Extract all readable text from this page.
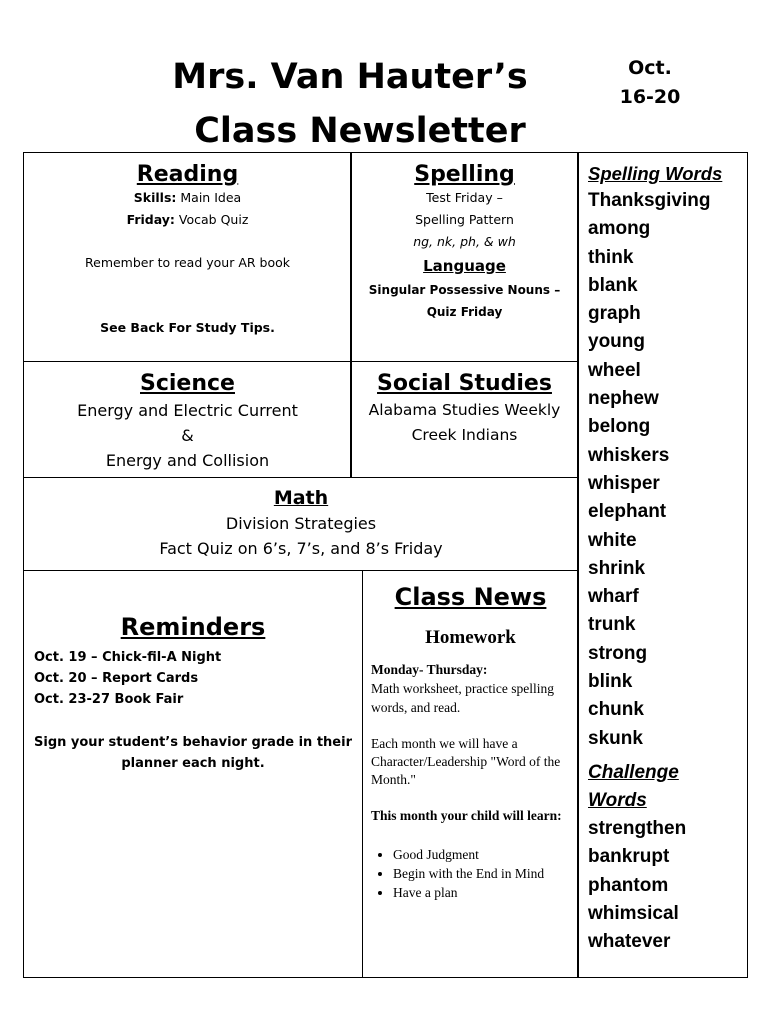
Mrs. Van Hauter’s
Class Newsletter
Oct.
16-20
Reading
Skills: Main Idea
Friday: Vocab Quiz
Remember to read your AR book
See Back For Study Tips.
Spelling
Test Friday –
Spelling Pattern
ng, nk, ph, & wh
Language
Singular Possessive Nouns –
Quiz Friday
Science
Energy and Electric Current
&
Energy and Collision
Social Studies
Alabama Studies Weekly
Creek Indians
Math
Division Strategies
Fact Quiz on 6’s, 7’s, and 8’s Friday
Reminders
Oct. 19 – Chick-fil-A Night
Oct. 20 – Report Cards
Oct. 23-27 Book Fair
Sign your student’s behavior grade in their planner each night.
Class News
Homework
Monday- Thursday:
Math worksheet, practice spelling words, and read.
Each month we will have a Character/Leadership "Word of the Month."
This month your child will learn:
• Good Judgment
• Begin with the End in Mind
• Have a plan
Spelling Words
Thanksgiving
among
think
blank
graph
young
wheel
nephew
belong
whiskers
whisper
elephant
white
shrink
wharf
trunk
strong
blink
chunk
skunk
Challenge
Words
strengthen
bankrupt
phantom
whimsical
whatever
